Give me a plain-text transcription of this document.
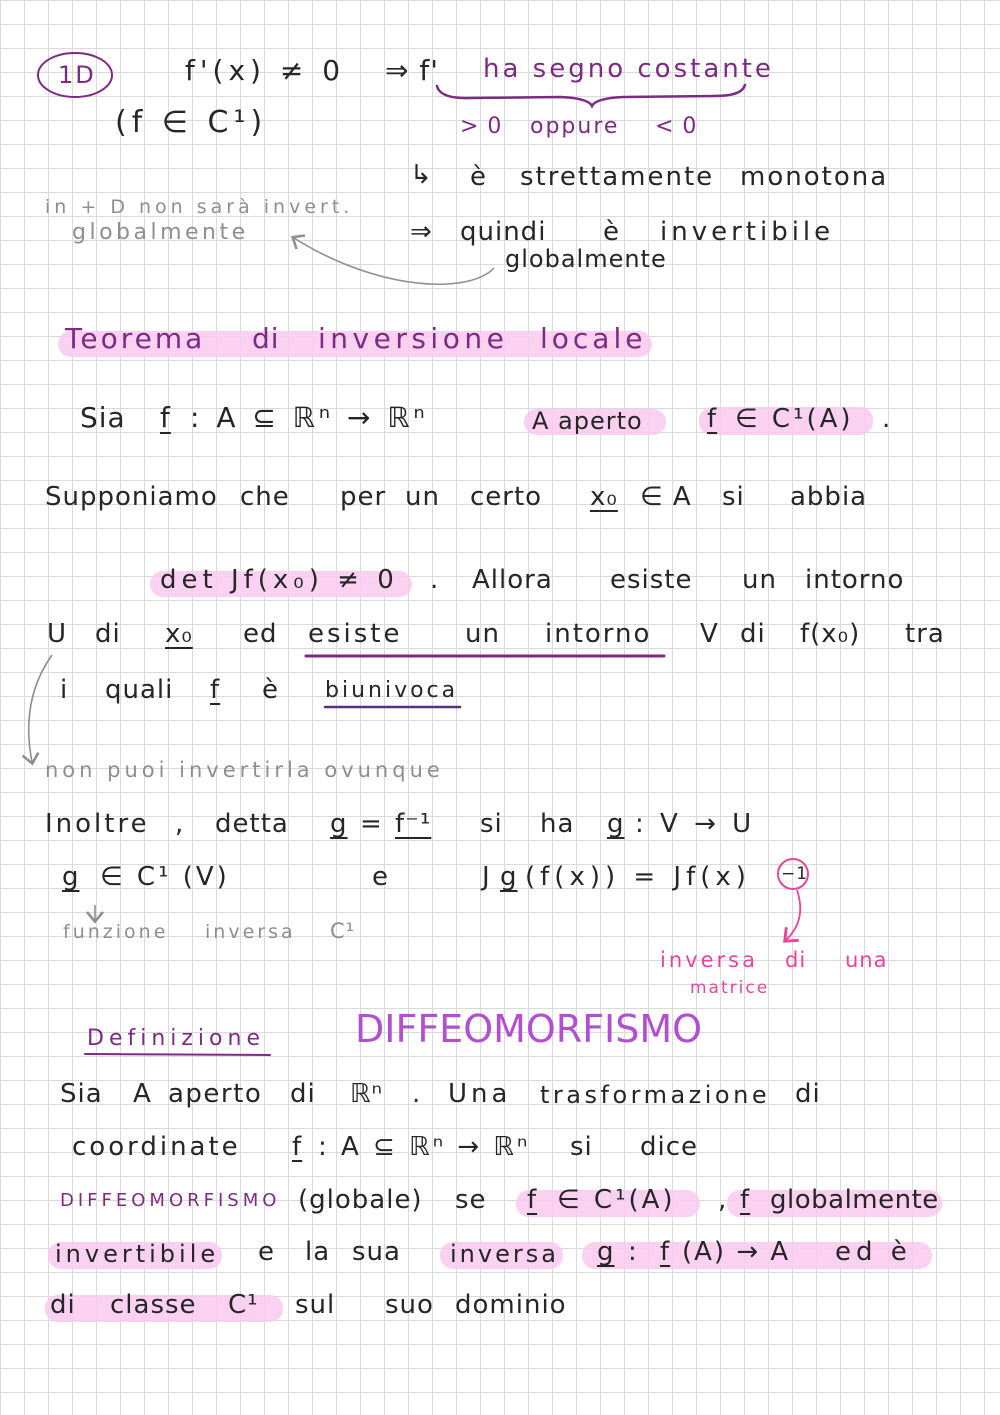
1D	f'(x) ≠ 0 ⇒ f' ha segno costante
(f ∈ C¹)	> 0 oppure < 0
↳ è strettamente monotona
in + D non sarà invert.
globalmente	⇒ quindi è invertibile
globalmente
Teorema di inversione locale
Sia f : A ⊆ ℝⁿ → ℝⁿ	A aperto f ∈ C¹(A) .
Supponiamo che per un certo x₀ ∈ A si abbia
det Jf(x₀) ≠ 0 . Allora esiste un intorno
U di x₀ ed esiste un intorno V di f(x₀) tra
i quali f è biunivoca
non puoi invertirla ovunque
Inoltre , detta g = f⁻¹ si ha g : V → U
g ∈ C¹ (V)	e	J g (f(x)) = Jf(x) −1
funzione inversa C¹
inversa di una
matrice
Definizione DIFFEOMORFISMO
Sia A aperto di ℝⁿ . Una trasformazione di
coordinate f : A ⊆ ℝⁿ → ℝⁿ si dice
DIFFEOMORFISMO (globale) se f ∈ C¹(A) , f globalmente
invertibile e la sua inversa g : f (A) → A ed è
di classe C¹ sul suo dominio
